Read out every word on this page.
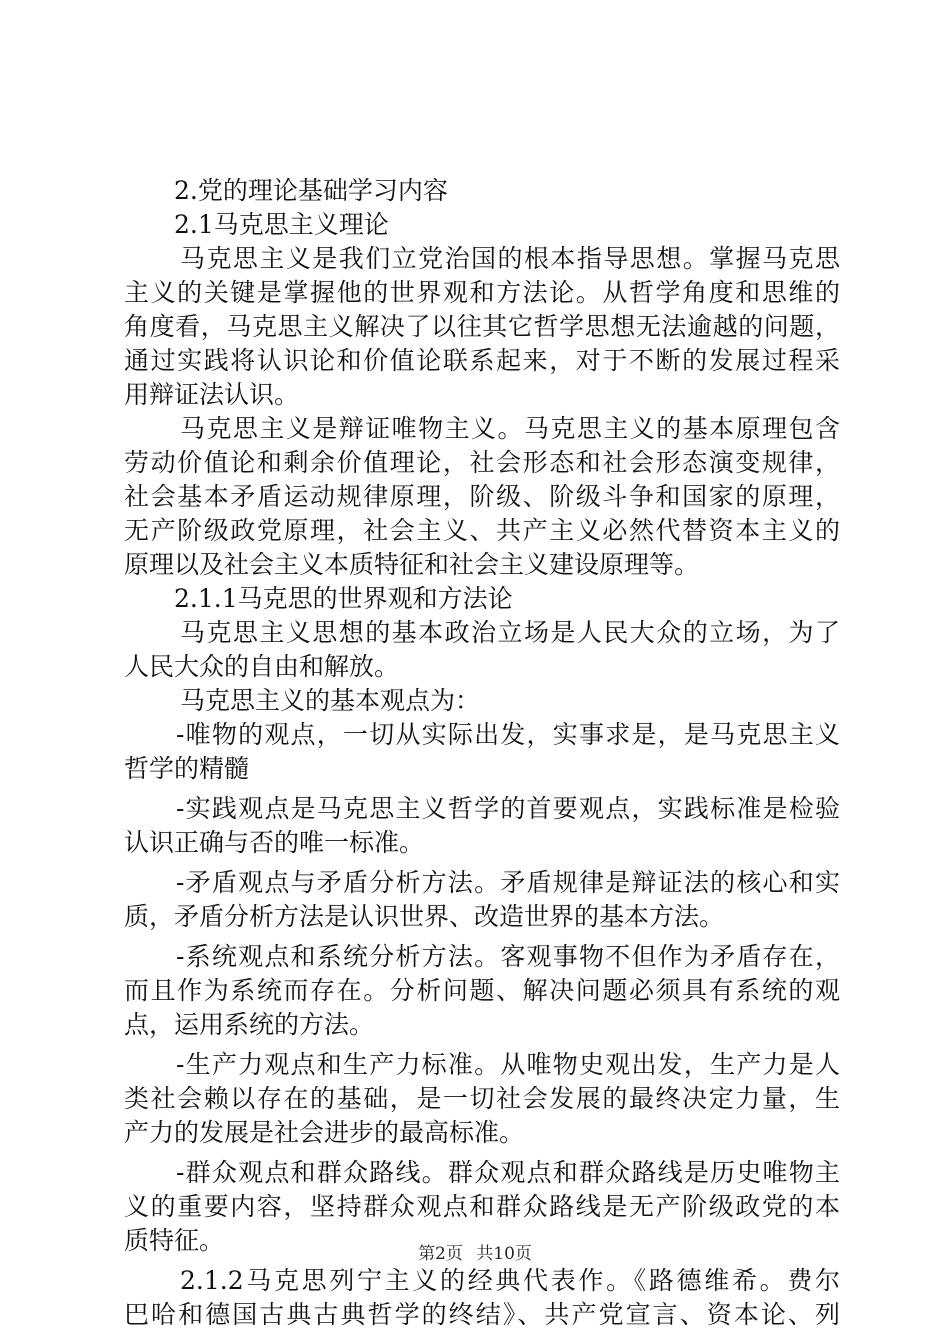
2.党的理论基础学习内容
2.1马克思主义理论
马克思主义是我们立党治国的根本指导思想。掌握马克思
主义的关键是掌握他的世界观和方法论。从哲学角度和思维的
角度看，马克思主义解决了以往其它哲学思想无法逾越的问题，
通过实践将认识论和价值论联系起来，对于不断的发展过程采
用辩证法认识。
马克思主义是辩证唯物主义。马克思主义的基本原理包含
劳动价值论和剩余价值理论，社会形态和社会形态演变规律，
社会基本矛盾运动规律原理，阶级、阶级斗争和国家的原理，
无产阶级政党原理，社会主义、共产主义必然代替资本主义的
原理以及社会主义本质特征和社会主义建设原理等。
2.1.1马克思的世界观和方法论
马克思主义思想的基本政治立场是人民大众的立场，为了
人民大众的自由和解放。
马克思主义的基本观点为：
-唯物的观点，一切从实际出发，实事求是，是马克思主义
哲学的精髓
-实践观点是马克思主义哲学的首要观点，实践标准是检验
认识正确与否的唯一标准。
-矛盾观点与矛盾分析方法。矛盾规律是辩证法的核心和实
质，矛盾分析方法是认识世界、改造世界的基本方法。
-系统观点和系统分析方法。客观事物不但作为矛盾存在，
而且作为系统而存在。分析问题、解决问题必须具有系统的观
点，运用系统的方法。
-生产力观点和生产力标准。从唯物史观出发，生产力是人
类社会赖以存在的基础，是一切社会发展的最终决定力量，生
产力的发展是社会进步的最高标准。
-群众观点和群众路线。群众观点和群众路线是历史唯物主
义的重要内容，坚持群众观点和群众路线是无产阶级政党的本
质特征。
2.1.2马克思列宁主义的经典代表作。《路德维希。费尔
巴哈和德国古典古典哲学的终结》、共产党宣言、资本论、列
第2页 共10页
